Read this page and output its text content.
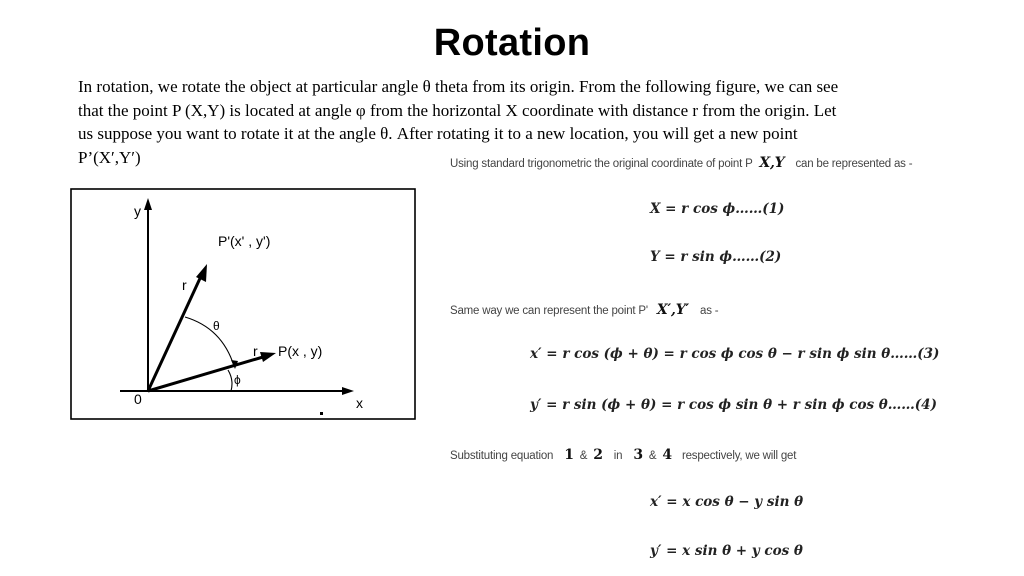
Rotation
In rotation, we rotate the object at particular angle θ theta from its origin. From the following figure, we can see
that the point P (X,Y) is located at angle φ from the horizontal X coordinate with distance r from the origin. Let
us suppose you want to rotate it at the angle θ. After rotating it to a new location, you will get a new point
P’(X′,Y′)
y
x
0
P'(x' , y')
P(x , y)
r
r
θ
ϕ
Using standard trigonometric the original coordinate of point P X,Y can be represented as -
X = r cos ϕ……(1)
Y = r sin ϕ……(2)
Same way we can represent the point P' X′,Y′ as -
x′ = r cos (ϕ + θ) = r cos ϕ cos θ − r sin ϕ sin θ……(3)
y′ = r sin (ϕ + θ) = r cos ϕ sin θ + r sin ϕ cos θ……(4)
Substituting equation 1 & 2 in 3 & 4 respectively, we will get
x′ = x cos θ − y sin θ
y′ = x sin θ + y cos θ
